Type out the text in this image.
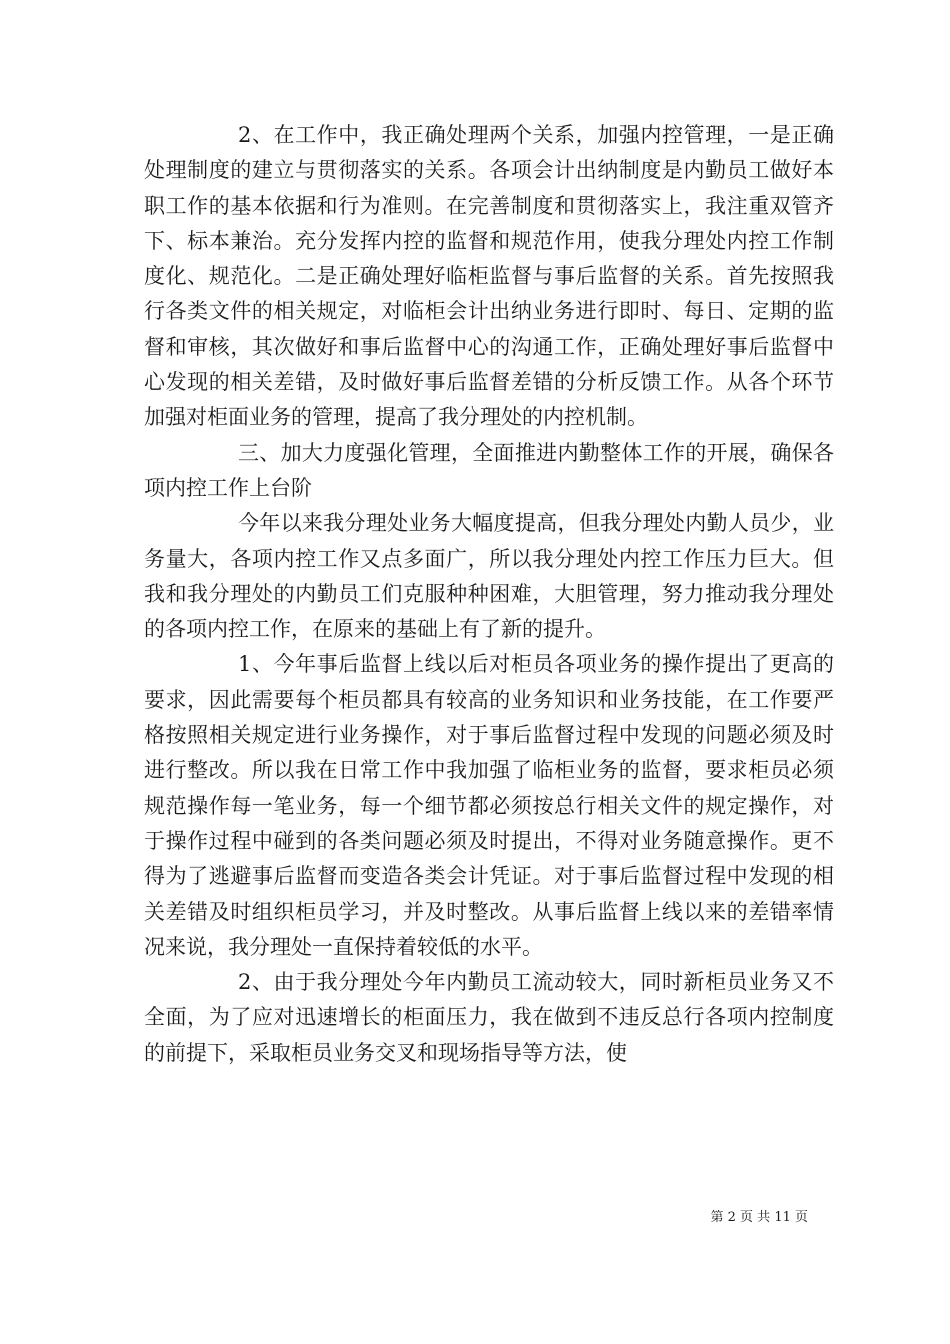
2、在工作中，我正确处理两个关系，加强内控管理，一是正确处理制度的建立与贯彻落实的关系。各项会计出纳制度是内勤员工做好本职工作的基本依据和行为准则。在完善制度和贯彻落实上，我注重双管齐下、标本兼治。充分发挥内控的监督和规范作用，使我分理处内控工作制度化、规范化。二是正确处理好临柜监督与事后监督的关系。首先按照我行各类文件的相关规定，对临柜会计出纳业务进行即时、每日、定期的监督和审核，其次做好和事后监督中心的沟通工作，正确处理好事后监督中心发现的相关差错，及时做好事后监督差错的分析反馈工作。从各个环节加强对柜面业务的管理，提高了我分理处的内控机制。

三、加大力度强化管理，全面推进内勤整体工作的开展，确保各项内控工作上台阶

今年以来我分理处业务大幅度提高，但我分理处内勤人员少，业务量大，各项内控工作又点多面广，所以我分理处内控工作压力巨大。但我和我分理处的内勤员工们克服种种困难，大胆管理，努力推动我分理处的各项内控工作，在原来的基础上有了新的提升。

1、今年事后监督上线以后对柜员各项业务的操作提出了更高的要求，因此需要每个柜员都具有较高的业务知识和业务技能，在工作要严格按照相关规定进行业务操作，对于事后监督过程中发现的问题必须及时进行整改。所以我在日常工作中我加强了临柜业务的监督，要求柜员必须规范操作每一笔业务，每一个细节都必须按总行相关文件的规定操作，对于操作过程中碰到的各类问题必须及时提出，不得对业务随意操作。更不得为了逃避事后监督而变造各类会计凭证。对于事后监督过程中发现的相关差错及时组织柜员学习，并及时整改。从事后监督上线以来的差错率情况来说，我分理处一直保持着较低的水平。

2、由于我分理处今年内勤员工流动较大，同时新柜员业务又不全面，为了应对迅速增长的柜面压力，我在做到不违反总行各项内控制度的前提下，采取柜员业务交叉和现场指导等方法，使

第 2 页 共 11 页
